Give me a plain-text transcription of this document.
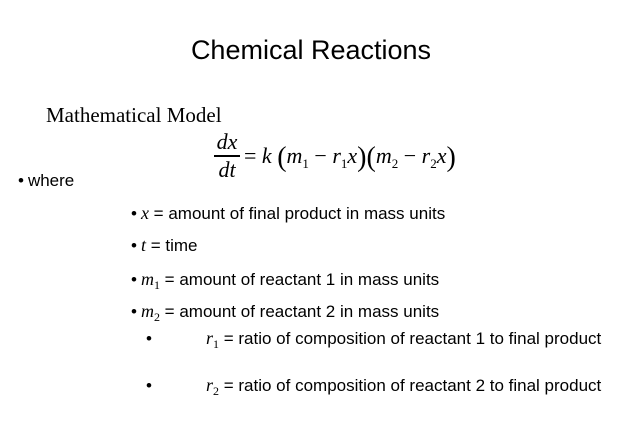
Chemical Reactions
Mathematical Model
dx
dt
= k $(m_1 - r_1x)(m_2 - r_2x)$
• where
• x = amount of final product in mass units
• t = time
• $m_1$ = amount of reactant 1 in mass units
• $m_2$ = amount of reactant 2 in mass units
•	$r_1$ = ratio of composition of reactant 1 to final product
•	$r_2$ = ratio of composition of reactant 2 to final product
